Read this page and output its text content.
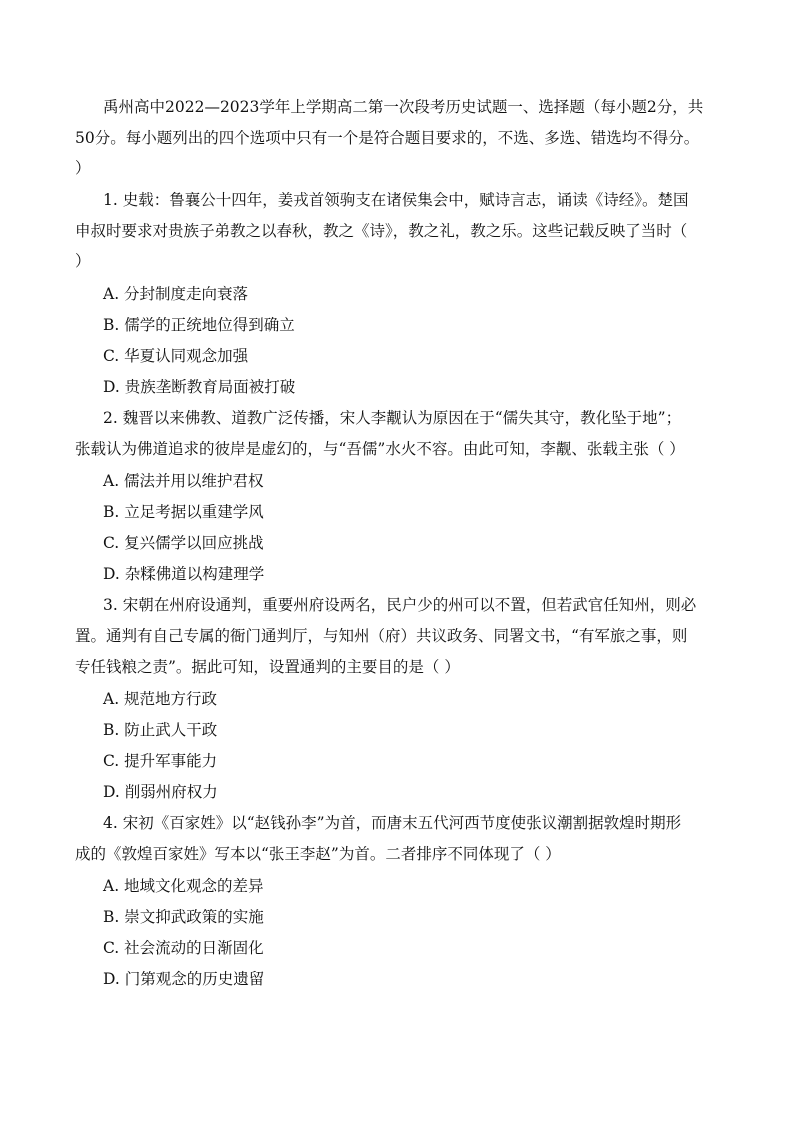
禹州高中2022—2023学年上学期高二第一次段考历史试题一、选择题（每小题2分，共
50分。每小题列出的四个选项中只有一个是符合题目要求的，不选、多选、错选均不得分。
）
1. 史载：鲁襄公十四年，姜戎首领驹支在诸侯集会中，赋诗言志，诵读《诗经》。楚国
申叔时要求对贵族子弟教之以春秋，教之《诗》，教之礼，教之乐。这些记载反映了当时（
）
A. 分封制度走向衰落
B. 儒学的正统地位得到确立
C. 华夏认同观念加强
D. 贵族垄断教育局面被打破
2. 魏晋以来佛教、道教广泛传播，宋人李觏认为原因在于“儒失其守，教化坠于地”；
张载认为佛道追求的彼岸是虚幻的，与“吾儒”水火不容。由此可知，李觏、张载主张（ ）
A. 儒法并用以维护君权
B. 立足考据以重建学风
C. 复兴儒学以回应挑战
D. 杂糅佛道以构建理学
3. 宋朝在州府设通判，重要州府设两名，民户少的州可以不置，但若武官任知州，则必
置。通判有自己专属的衙门通判厅，与知州（府）共议政务、同署文书，“有军旅之事，则
专任钱粮之责”。据此可知，设置通判的主要目的是（ ）
A. 规范地方行政
B. 防止武人干政
C. 提升军事能力
D. 削弱州府权力
4. 宋初《百家姓》以“赵钱孙李”为首，而唐末五代河西节度使张议潮割据敦煌时期形
成的《敦煌百家姓》写本以“张王李赵”为首。二者排序不同体现了（ ）
A. 地域文化观念的差异
B. 崇文抑武政策的实施
C. 社会流动的日渐固化
D. 门第观念的历史遗留
